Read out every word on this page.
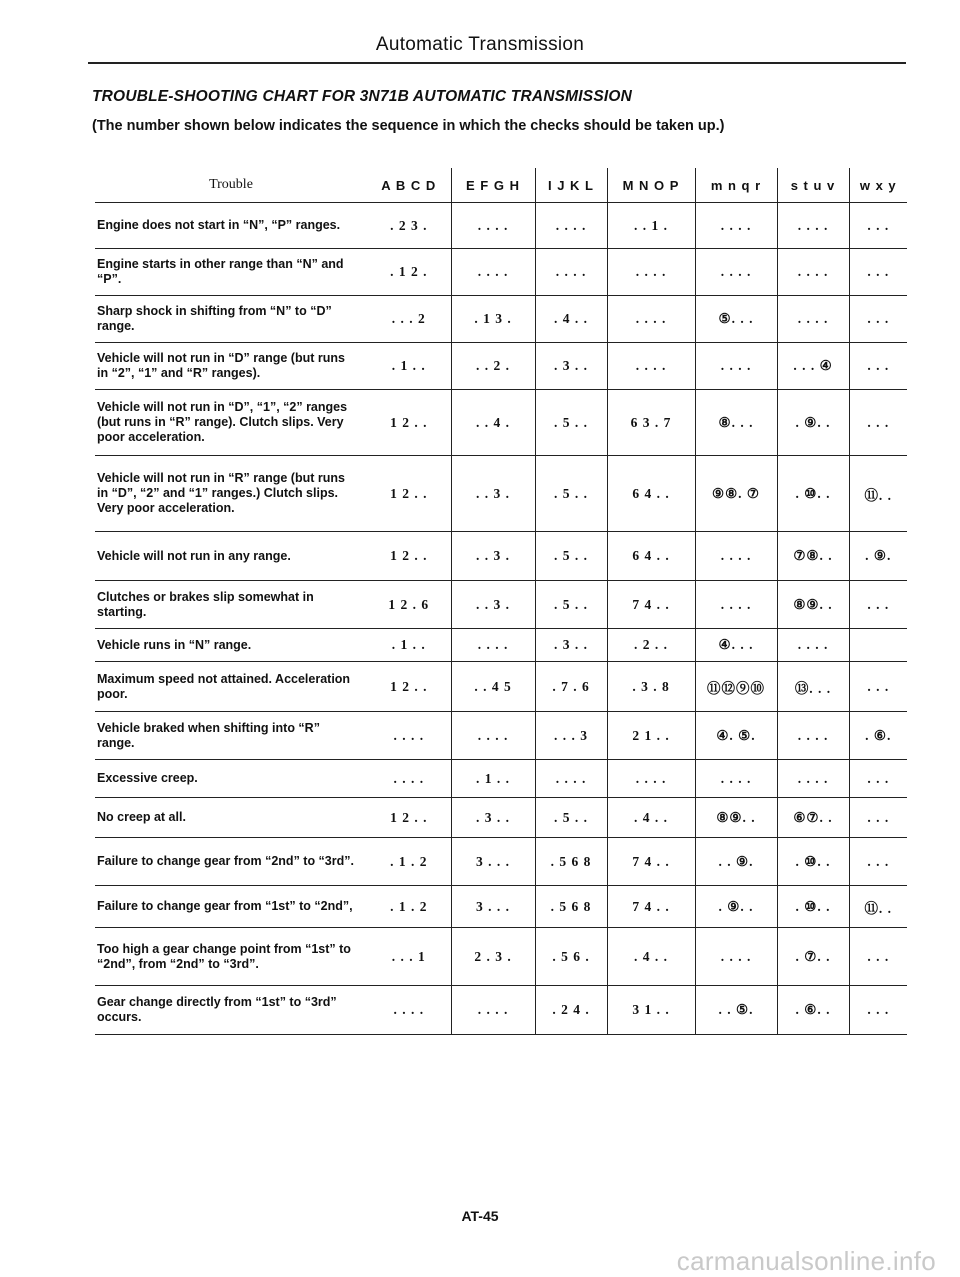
Automatic Transmission
TROUBLE-SHOOTING CHART FOR 3N71B AUTOMATIC TRANSMISSION
(The number shown below indicates the sequence in which the checks should be taken up.)
Trouble	A B C D	E F G H	I J K L	M N O P	m n q r	s t u v	w x y
Engine does not start in “N”, “P” ranges.	. 2 3 .	. . . .	. . . .	. . 1 .	. . . .	. . . .	. . .
Engine starts in other range than “N” and “P”.	. 1 2 .	. . . .	. . . .	. . . .	. . . .	. . . .	. . .
Sharp shock in shifting from “N” to “D” range.	. . . 2	. 1 3 .	. 4 . .	. . . .	⑤. . .	. . . .	. . .
Vehicle will not run in “D” range (but runs in “2”, “1” and “R” ranges).	. 1 . .	. . 2 .	. 3 . .	. . . .	. . . .	. . . ④	. . .
Vehicle will not run in “D”, “1”, “2” ranges (but runs in “R” range). Clutch slips. Very poor acceleration.	1 2 . .	. . 4 .	. 5 . .	6 3 . 7	⑧. . .	. ⑨. .	. . .
Vehicle will not run in “R” range (but runs in “D”, “2” and “1” ranges.) Clutch slips. Very poor acceleration.	1 2 . .	. . 3 .	. 5 . .	6 4 . .	⑨⑧. ⑦	. ⑩. .	⑪. .
Vehicle will not run in any range.	1 2 . .	. . 3 .	. 5 . .	6 4 . .	. . . .	⑦⑧. .	. ⑨.
Clutches or brakes slip somewhat in starting.	1 2 . 6	. . 3 .	. 5 . .	7 4 . .	. . . .	⑧⑨. .	. . .
Vehicle runs in “N” range.	. 1 . .	. . . .	. 3 . .	. 2 . .	④. . .	. . . .	
Maximum speed not attained. Acceleration poor.	1 2 . .	. . 4 5	. 7 . 6	. 3 . 8	⑪⑫⑨⑩	⑬. . .	. . .
Vehicle braked when shifting into “R” range.	. . . .	. . . .	. . . 3	2 1 . .	④. ⑤.	. . . .	. ⑥.
Excessive creep.	. . . .	. 1 . .	. . . .	. . . .	. . . .	. . . .	. . .
No creep at all.	1 2 . .	. 3 . .	. 5 . .	. 4 . .	⑧⑨. .	⑥⑦. .	. . .
Failure to change gear from “2nd” to “3rd”.	. 1 . 2	3 . . .	. 5 6 8	7 4 . .	. . ⑨.	. ⑩. .	. . .
Failure to change gear from “1st” to “2nd”,	. 1 . 2	3 . . .	. 5 6 8	7 4 . .	. ⑨. .	. ⑩. .	⑪. .
Too high a gear change point from “1st” to “2nd”, from “2nd” to “3rd”.	. . . 1	2 . 3 .	. 5 6 .	. 4 . .	. . . .	. ⑦. .	. . .
Gear change directly from “1st” to “3rd” occurs.	. . . .	. . . .	. 2 4 .	3 1 . .	. . ⑤.	. ⑥. .	. . .
AT-45
carmanualsonline.info
